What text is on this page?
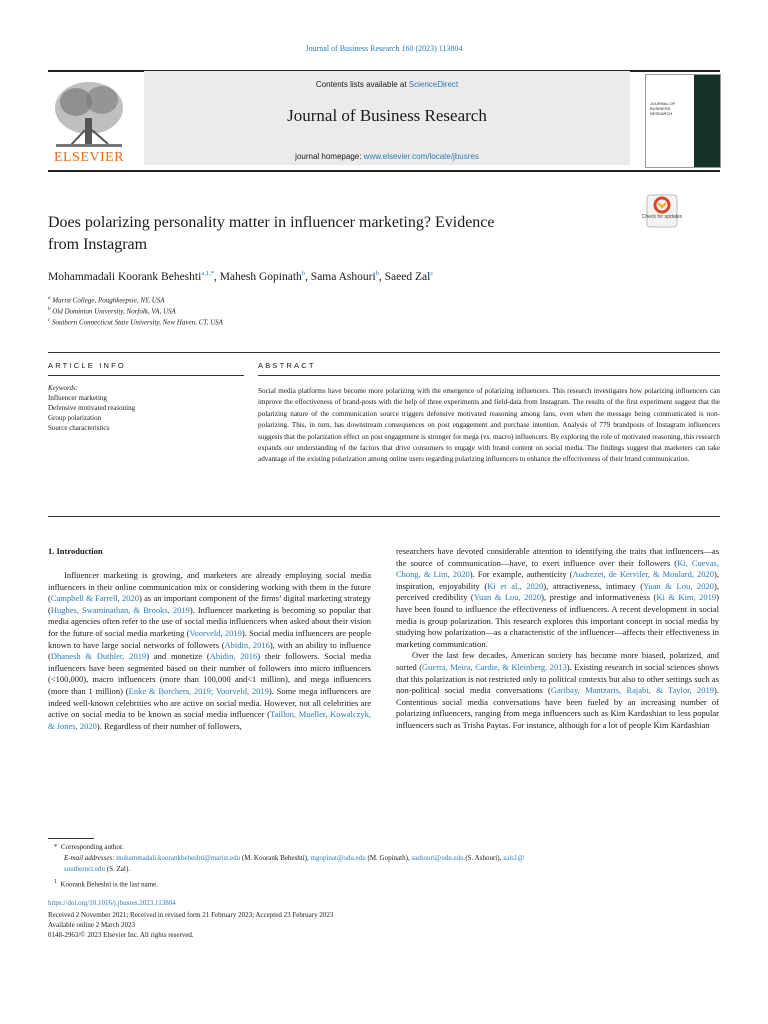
Journal of Business Research 160 (2023) 113804
ELSEVIER
Contents lists available at ScienceDirect
Journal of Business Research
journal homepage: www.elsevier.com/locate/jbusres
JOURNAL OF BUSINESS RESEARCH
Check for updates
Does polarizing personality matter in influencer marketing? Evidence
from Instagram
Mohammadali Koorank Beheshti$^{a,1,*}$, Mahesh Gopinath$^b$, Sama Ashouri$^b$, Saeed Zal$^c$
$^a$ Marist College, Poughkeepsie, NY, USA
$^b$ Old Dominion University, Norfolk, VA, USA
$^c$ Southern Connecticut State University, New Haven, CT, USA
ARTICLE INFO	ABSTRACT
Keywords:
Influencer marketing
Defensive motivated reasoning
Group polarization
Source characteristics
Social media platforms have become more polarizing with the emergence of polarizing influencers. This research investigates how polarizing influencers can improve the effectiveness of brand-posts with the help of three experiments and field-data from Instagram. The results of the first experiment suggest that the polarizing nature of the communication source triggers defensive motivated reasoning among fans, even when the message being communicated is non-polarizing. This, in turn, has downstream consequences on post engagement and purchase intention. Analysis of 779 brandposts of Instagram influencers suggests that the polarization effect on post engagement is stronger for mega (vs. macro) influencers. By exploring the role of motivated reasoning, this research expands our understanding of the factors that drive consumers to engage with brand content on social media. The findings suggest that marketers can take advantage of the existing polarization among online users regarding polarizing influencers to enhance the effectiveness of their brand communication.
1. Introduction

Influencer marketing is growing, and marketers are already employing social media influencers in their online communication mix or considering working with them in the future (Campbell & Farrell, 2020) as an important component of the firms’ digital marketing strategy (Hughes, Swaminathan, & Brooks, 2019). Influencer marketing is becoming so popular that media agencies often refer to the use of social media influencers when asked about their vision for the future of social media marketing (Voorveld, 2019). Social media influencers are people known to have large social networks of followers (Abidin, 2016), with an ability to influence (Dhanesh & Duthler, 2019) and monetize (Abidin, 2016) their followers. Social media influencers have been segmented based on their number of followers into micro influencers (<100,000), macro influencers (more than 100,000 and<1 million), and mega influencers (more than 1 million) (Enke & Borchers, 2019; Voorveld, 2019). Some mega influencers are indeed well-known celebrities who are active on social media. However, not all celebrities are active on social media to be known as social media influencer (Taillon, Mueller, Kowalczyk, & Jones, 2020). Regardless of their number of followers,

researchers have devoted considerable attention to identifying the traits that influencers—as the source of communication—have, to exert influence over their followers (Ki, Cuevas, Chong, & Lim, 2020). For example, authenticity (Audrezet, de Kerviler, & Moulard, 2020), inspiration, enjoyability (Ki et al., 2020), attractiveness, intimacy (Yuan & Lou, 2020), perceived credibility (Yuan & Lou, 2020), prestige and informativeness (Ki & Kim, 2019) have been found to influence the effectiveness of influencers. A recent development in social media is group polarization. This research explores this important concept in social media by studying how polarization—as a characteristic of the influencer—affects their effectiveness in marketing communication.

Over the last few decades, American society has become more biased, polarized, and sorted (Guerra, Meira, Cardie, & Kleinberg, 2013). Existing research in social sciences shows that this polarization is not restricted only to political contexts but also to other settings such as non-political social media conversations (Garibay, Mantzaris, Rajabi, & Taylor, 2019). Contentious social media conversations have been fueled by an increasing number of polarizing influencers, ranging from mega influencers such as Kim Kardashian to less popular influencers such as Trisha Paytas. For instance, although for a lot of people Kim Kardashian

* Corresponding author.
E-mail addresses: mohammadali.koorankbeheshti@marist.edu (M. Koorank Beheshti), mgopinat@odu.edu (M. Gopinath), sashouri@odu.edu (S. Ashouri), zals1@
southernct.edu (S. Zal).
$^1$ Koorank Beheshti is the last name.
https://doi.org/10.1016/j.jbusres.2023.113804
Received 2 November 2021; Received in revised form 21 February 2023; Accepted 23 February 2023
Available online 2 March 2023
0148-2963/© 2023 Elsevier Inc. All rights reserved.
